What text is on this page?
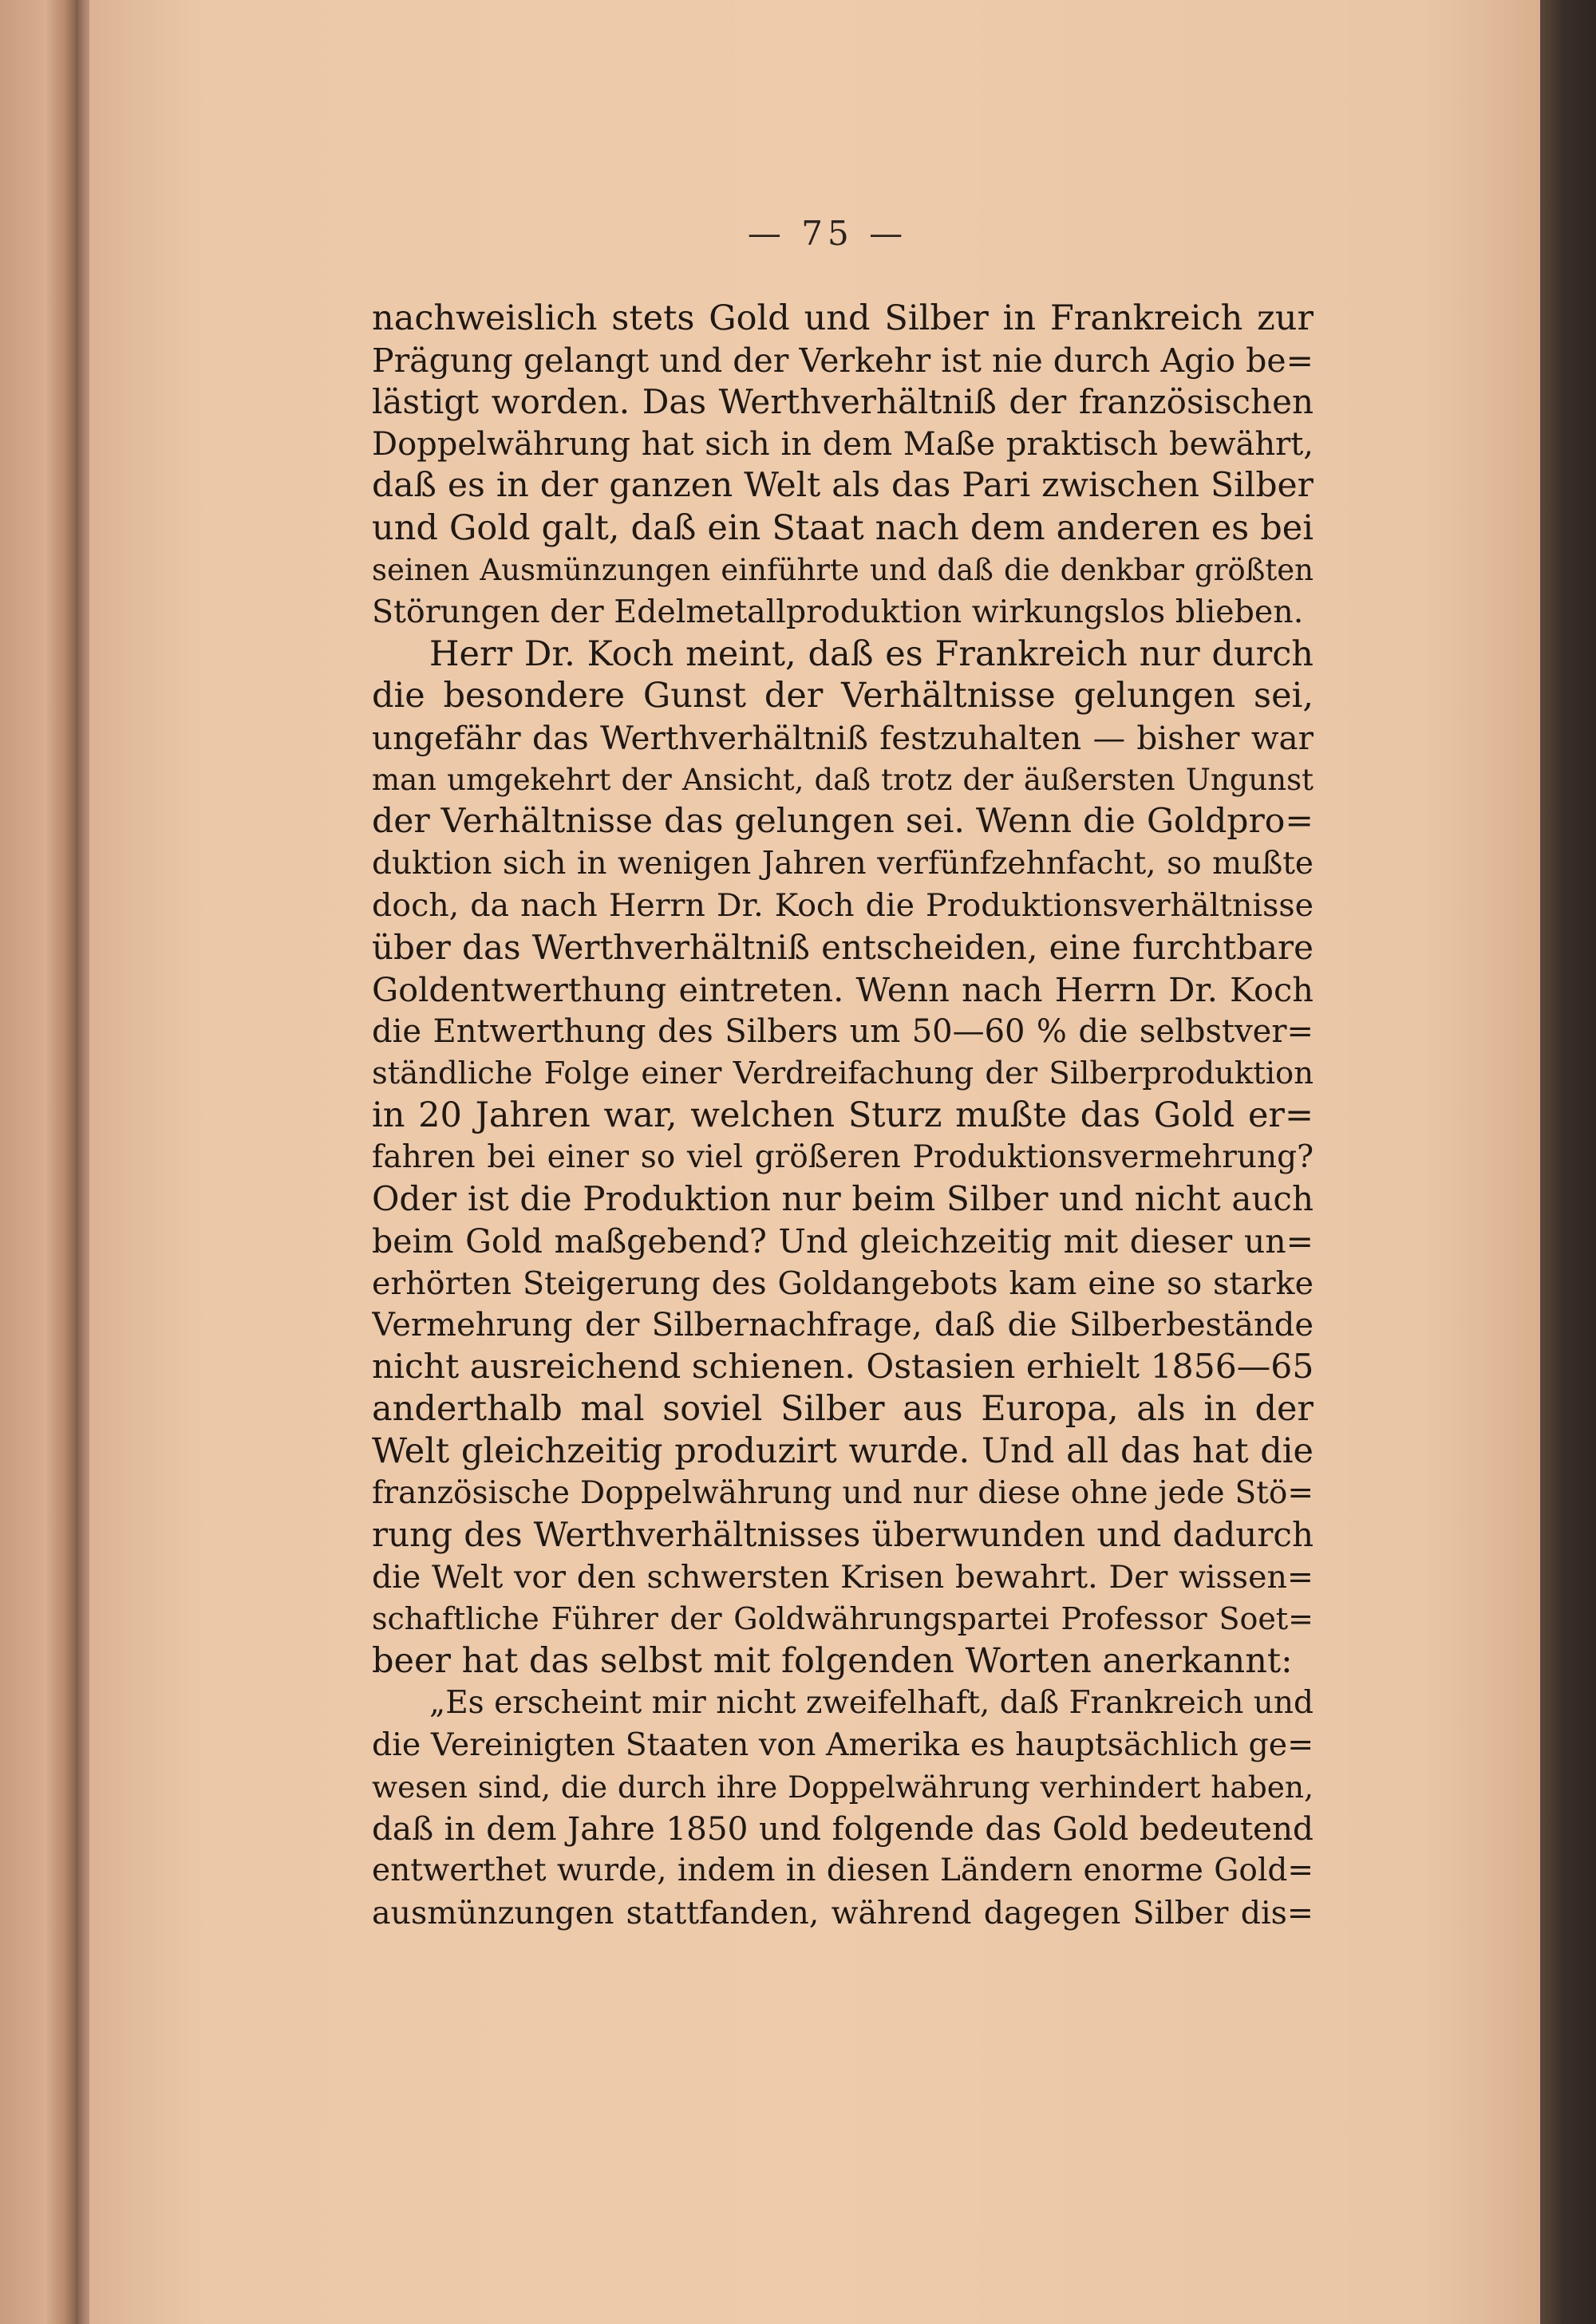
— 75 —
nachweislich stets Gold und Silber in Frankreich zur
Prägung gelangt und der Verkehr ist nie durch Agio be=
lästigt worden. Das Werthverhältniß der französischen
Doppelwährung hat sich in dem Maße praktisch bewährt,
daß es in der ganzen Welt als das Pari zwischen Silber
und Gold galt, daß ein Staat nach dem anderen es bei
seinen Ausmünzungen einführte und daß die denkbar größten
Störungen der Edelmetallproduktion wirkungslos blieben.
Herr Dr. Koch meint, daß es Frankreich nur durch
die besondere Gunst der Verhältnisse gelungen sei,
ungefähr das Werthverhältniß festzuhalten — bisher war
man umgekehrt der Ansicht, daß trotz der äußersten Ungunst
der Verhältnisse das gelungen sei. Wenn die Goldpro=
duktion sich in wenigen Jahren verfünfzehnfacht, so mußte
doch, da nach Herrn Dr. Koch die Produktionsverhältnisse
über das Werthverhältniß entscheiden, eine furchtbare
Goldentwerthung eintreten. Wenn nach Herrn Dr. Koch
die Entwerthung des Silbers um 50—60 % die selbstver=
ständliche Folge einer Verdreifachung der Silberproduktion
in 20 Jahren war, welchen Sturz mußte das Gold er=
fahren bei einer so viel größeren Produktionsvermehrung?
Oder ist die Produktion nur beim Silber und nicht auch
beim Gold maßgebend? Und gleichzeitig mit dieser un=
erhörten Steigerung des Goldangebots kam eine so starke
Vermehrung der Silbernachfrage, daß die Silberbestände
nicht ausreichend schienen. Ostasien erhielt 1856—65
anderthalb mal soviel Silber aus Europa, als in der
Welt gleichzeitig produzirt wurde. Und all das hat die
französische Doppelwährung und nur diese ohne jede Stö=
rung des Werthverhältnisses überwunden und dadurch
die Welt vor den schwersten Krisen bewahrt. Der wissen=
schaftliche Führer der Goldwährungspartei Professor Soet=
beer hat das selbst mit folgenden Worten anerkannt:
„Es erscheint mir nicht zweifelhaft, daß Frankreich und
die Vereinigten Staaten von Amerika es hauptsächlich ge=
wesen sind, die durch ihre Doppelwährung verhindert haben,
daß in dem Jahre 1850 und folgende das Gold bedeutend
entwerthet wurde, indem in diesen Ländern enorme Gold=
ausmünzungen stattfanden, während dagegen Silber dis=
